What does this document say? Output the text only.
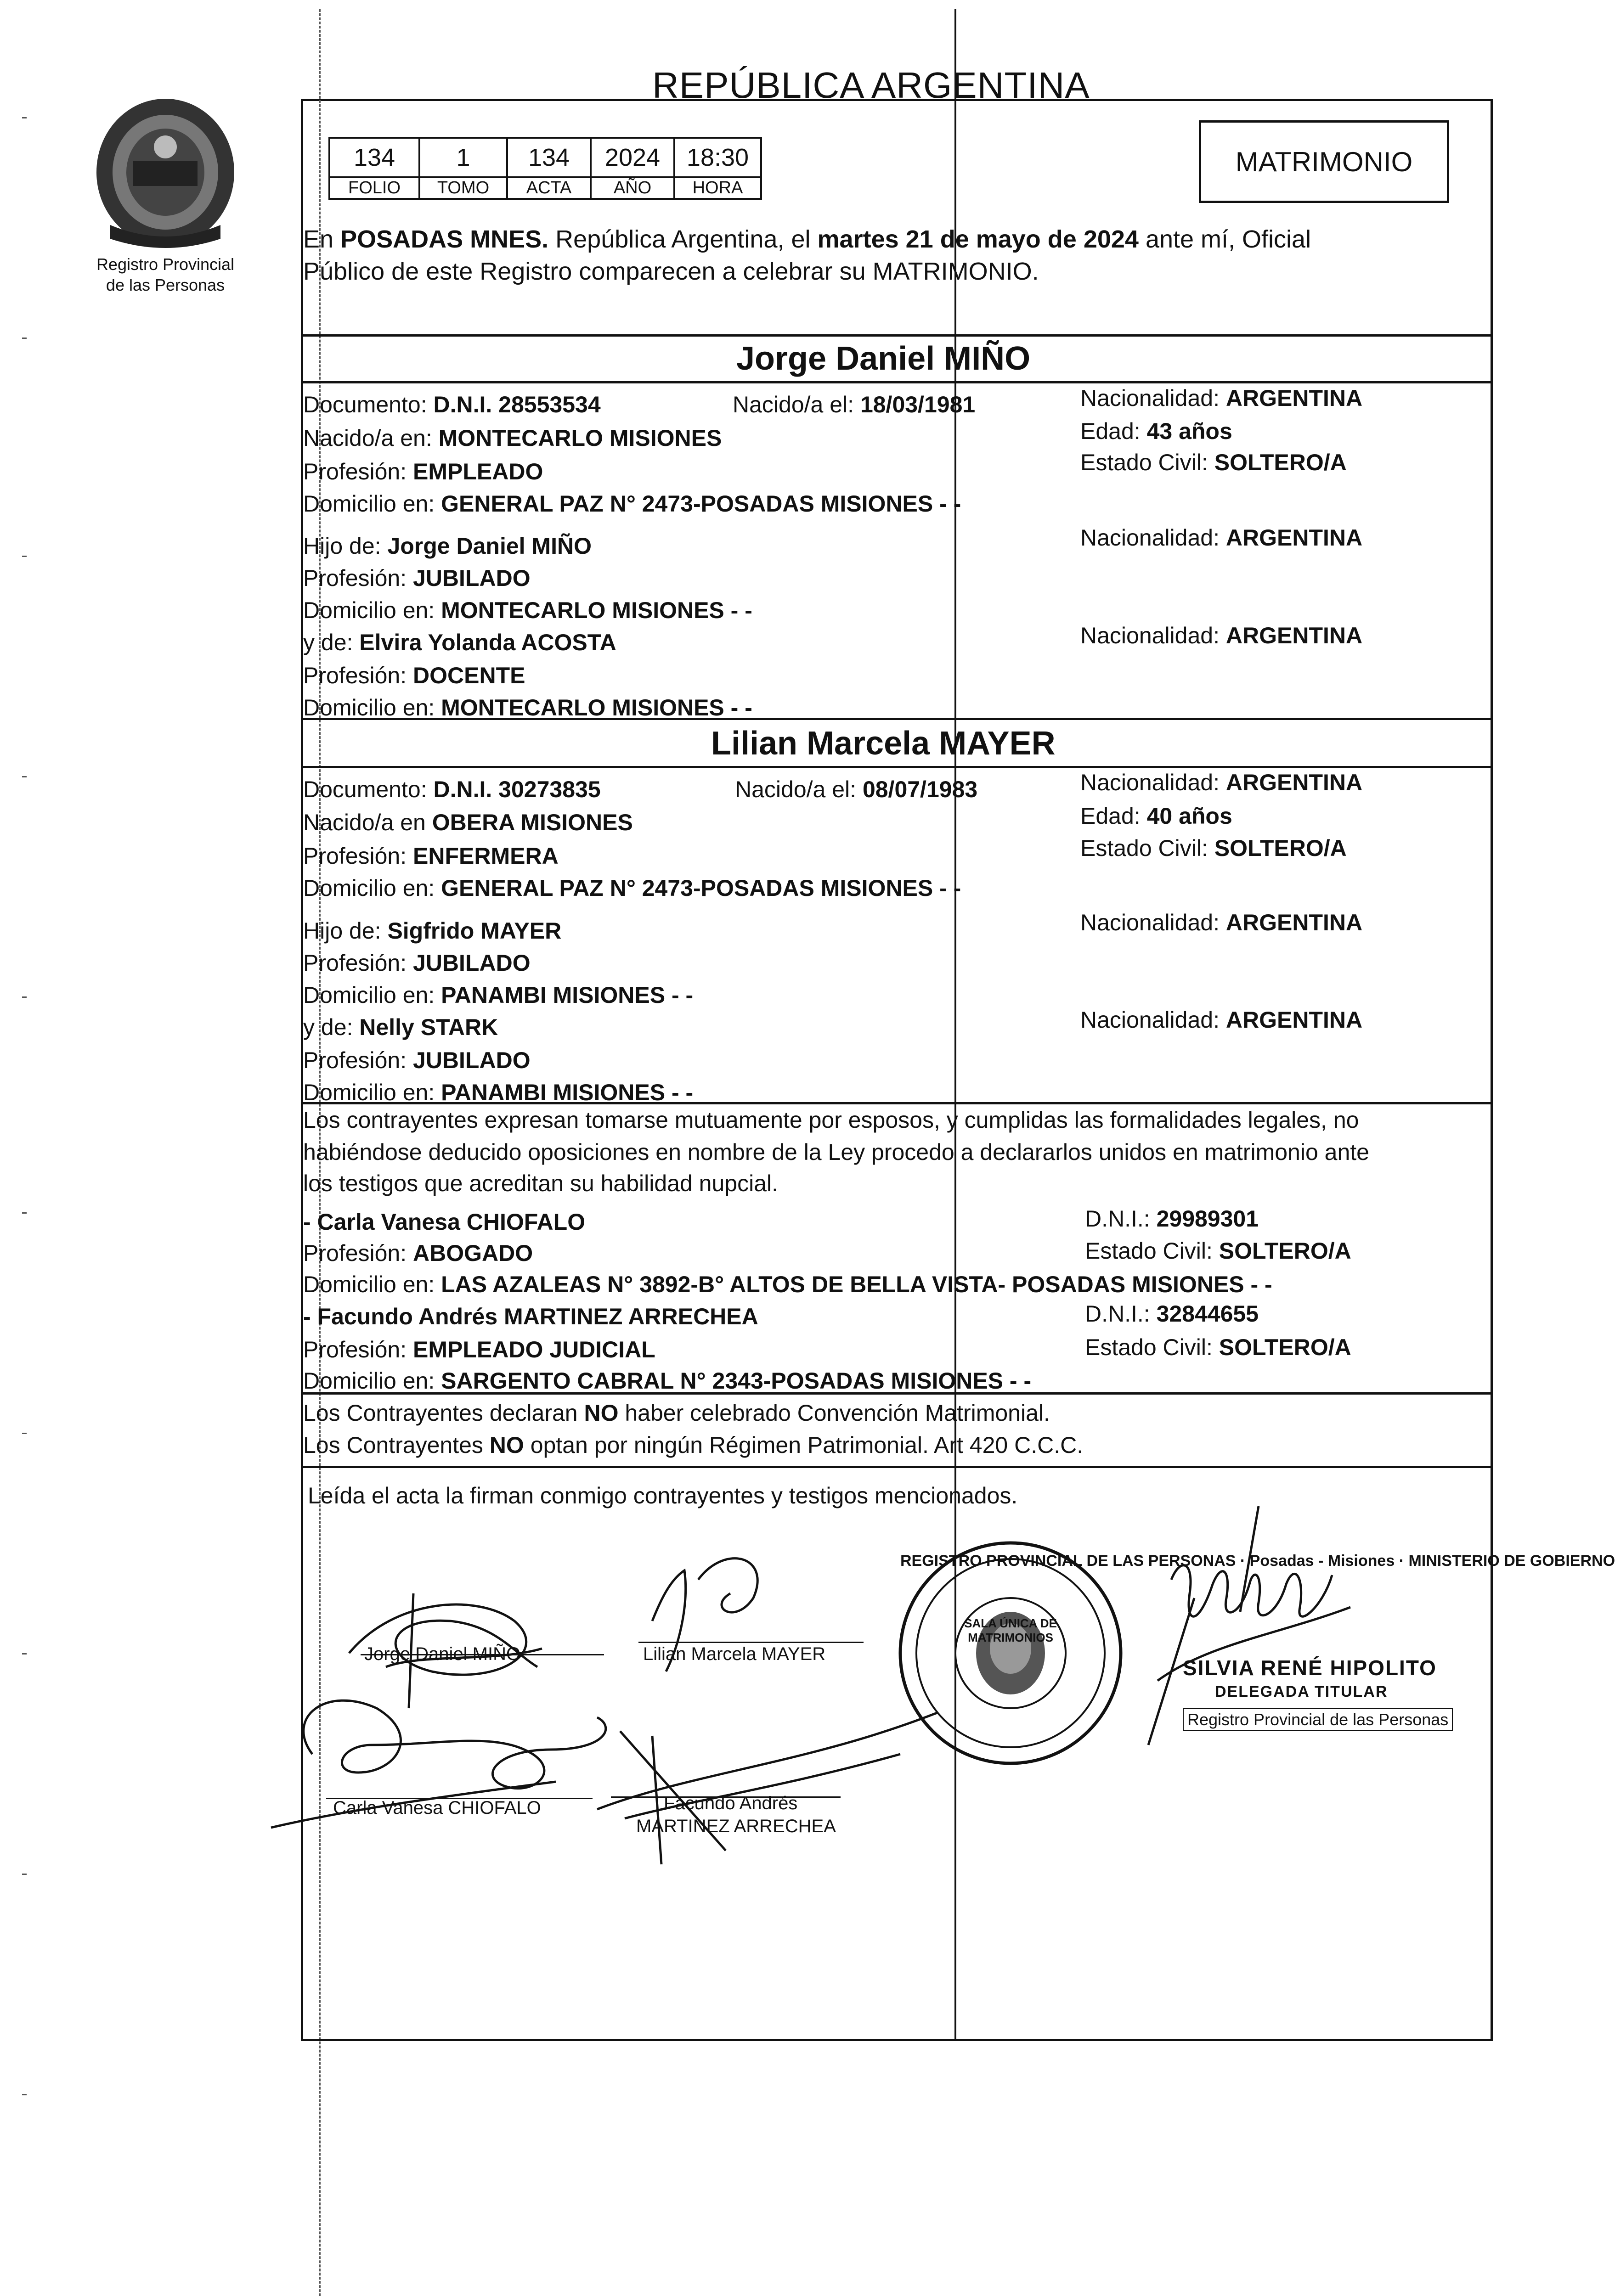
Registro Provincial
de las Personas
REPÚBLICA ARGENTINA
MATRIMONIO
134	1	134	2024	18:30
FOLIO	TOMO	ACTA	AÑO	HORA
En POSADAS MNES. República Argentina, el martes 21 de mayo de 2024 ante mí, Oficial
Público de este Registro comparecen a celebrar su MATRIMONIO.
Jorge Daniel MIÑO
Documento: D.N.I. 28553534	Nacido/a el: 18/03/1981	Nacionalidad: ARGENTINA
Nacido/a en: MONTECARLO MISIONES	Edad: 43 años
Profesión: EMPLEADO	Estado Civil: SOLTERO/A
Domicilio en: GENERAL PAZ N° 2473-POSADAS MISIONES - -
Hijo de: Jorge Daniel MIÑO	Nacionalidad: ARGENTINA
Profesión: JUBILADO
Domicilio en: MONTECARLO MISIONES - -
y de: Elvira Yolanda ACOSTA	Nacionalidad: ARGENTINA
Profesión: DOCENTE
Domicilio en: MONTECARLO MISIONES - -
Lilian Marcela MAYER
Documento: D.N.I. 30273835	Nacido/a el: 08/07/1983	Nacionalidad: ARGENTINA
Nacido/a en OBERA MISIONES	Edad: 40 años
Profesión: ENFERMERA	Estado Civil: SOLTERO/A
Domicilio en: GENERAL PAZ N° 2473-POSADAS MISIONES - -
Hijo de: Sigfrido MAYER	Nacionalidad: ARGENTINA
Profesión: JUBILADO
Domicilio en: PANAMBI MISIONES - -
y de: Nelly STARK	Nacionalidad: ARGENTINA
Profesión: JUBILADO
Domicilio en: PANAMBI MISIONES - -
Los contrayentes expresan tomarse mutuamente por esposos, y cumplidas las formalidades legales, no
habiéndose deducido oposiciones en nombre de la Ley procedo a declararlos unidos en matrimonio ante
los testigos que acreditan su habilidad nupcial.
- Carla Vanesa CHIOFALO	D.N.I.: 29989301
Profesión: ABOGADO	Estado Civil: SOLTERO/A
Domicilio en: LAS AZALEAS N° 3892-B° ALTOS DE BELLA VISTA- POSADAS MISIONES - -
- Facundo Andrés MARTINEZ ARRECHEA	D.N.I.: 32844655
Profesión: EMPLEADO JUDICIAL	Estado Civil: SOLTERO/A
Domicilio en: SARGENTO CABRAL N° 2343-POSADAS MISIONES - -
Los Contrayentes declaran NO haber celebrado Convención Matrimonial.
Los Contrayentes NO optan por ningún Régimen Patrimonial. Art 420 C.C.C.
Leída el acta la firman conmigo contrayentes y testigos mencionados.
Jorge Daniel MIÑO	Lilian Marcela MAYER
Carla Vanesa CHIOFALO	Facundo Andrés
MARTINEZ ARRECHEA
REGISTRO PROVINCIAL DE LAS PERSONAS · Posadas - Misiones · MINISTERIO DE GOBIERNO
SALA ÚNICA DE MATRIMONIOS
SILVIA RENÉ HIPOLITO
DELEGADA TITULAR
Registro Provincial de las Personas
